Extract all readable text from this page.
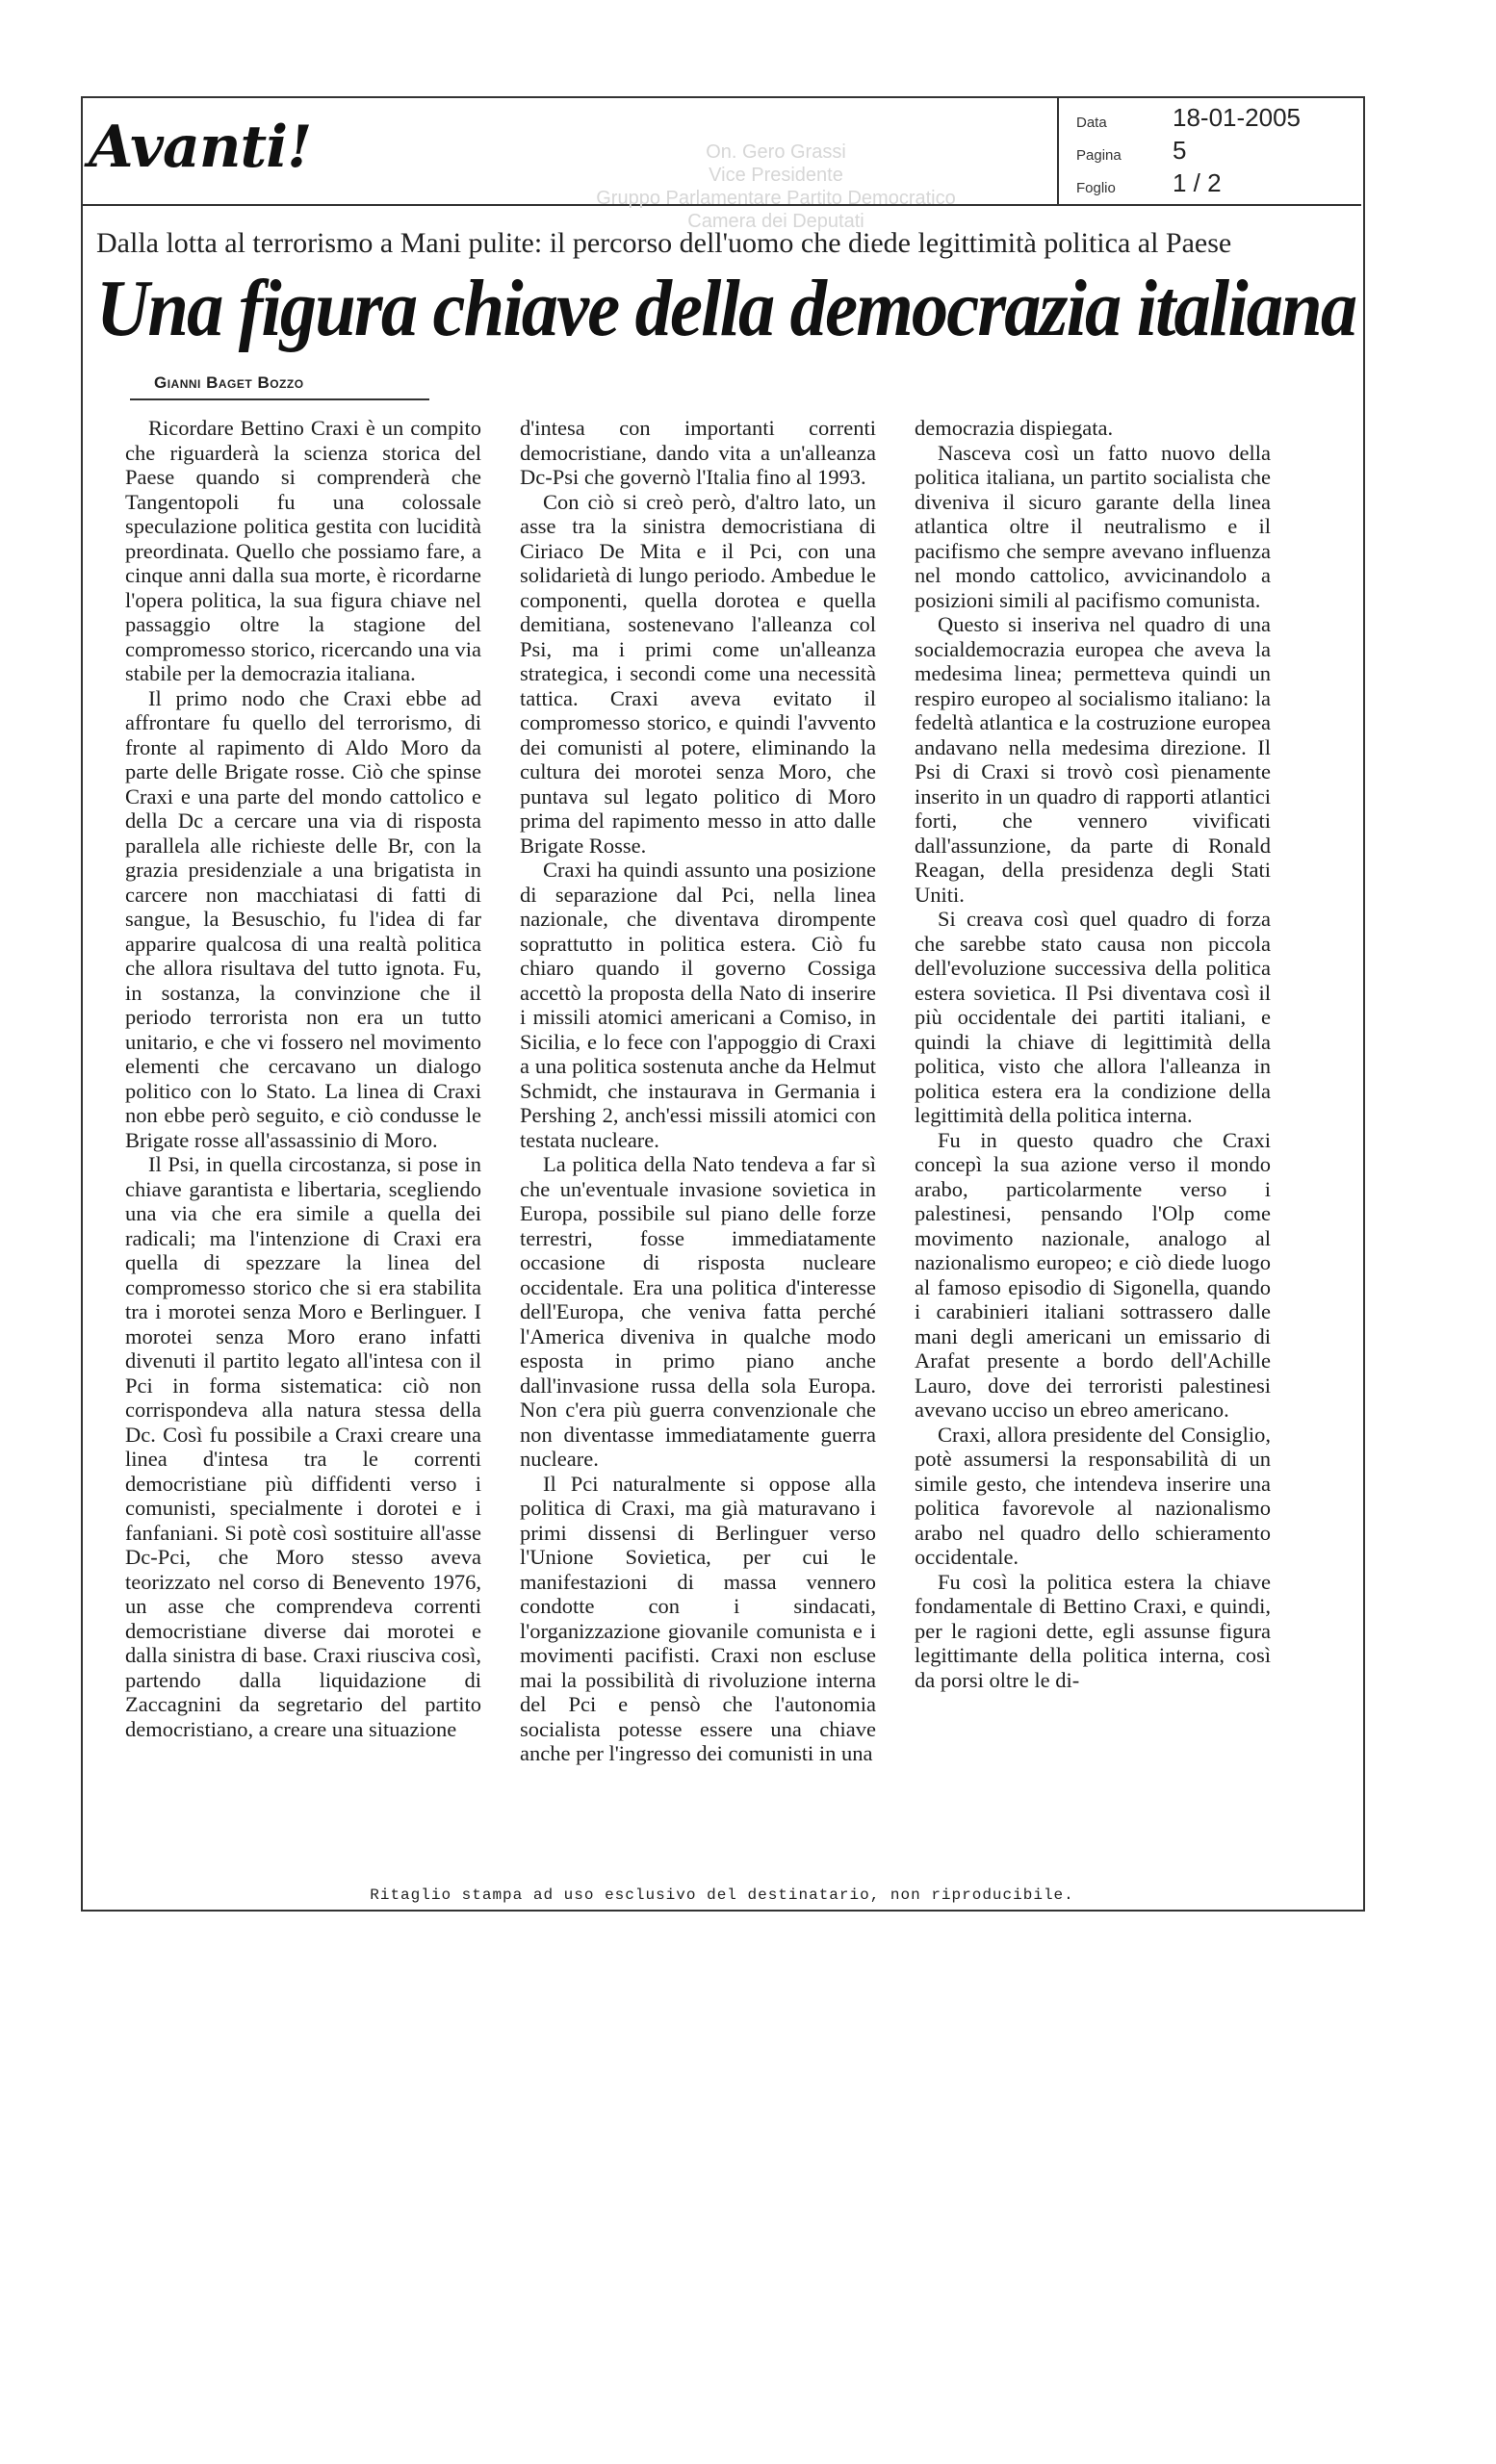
Avanti!	On. Gero Grassi
Vice Presidente
Gruppo Parlamentare Partito Democratico
Camera dei Deputati
Data	18-01-2005
Pagina 5
Foglio 1 / 2
Dalla lotta al terrorismo a Mani pulite: il percorso dell'uomo che diede legittimità politica al Paese
Una figura chiave della democrazia italiana
Gianni Baget Bozzo

Ricordare Bettino Craxi è un compito che riguarderà la scienza storica del Paese quando si comprenderà che Tangentopoli fu una colossale speculazione politica gestita con lucidità preordinata. Quello che possiamo fare, a cinque anni dalla sua morte, è ricordarne l'opera politica, la sua figura chiave nel passaggio oltre la stagione del compromesso storico, ricercando una via stabile per la democrazia italiana.

Il primo nodo che Craxi ebbe ad affrontare fu quello del terrorismo, di fronte al rapimento di Aldo Moro da parte delle Brigate rosse. Ciò che spinse Craxi e una parte del mondo cattolico e della Dc a cercare una via di risposta parallela alle richieste delle Br, con la grazia presidenziale a una brigatista in carcere non macchiatasi di fatti di sangue, la Besuschio, fu l'idea di far apparire qualcosa di una realtà politica che allora risultava del tutto ignota. Fu, in sostanza, la convinzione che il periodo terrorista non era un tutto unitario, e che vi fossero nel movimento elementi che cercavano un dialogo politico con lo Stato. La linea di Craxi non ebbe però seguito, e ciò condusse le Brigate rosse all'assassinio di Moro.

Il Psi, in quella circostanza, si pose in chiave garantista e libertaria, scegliendo una via che era simile a quella dei radicali; ma l'intenzione di Craxi era quella di spezzare la linea del compromesso storico che si era stabilita tra i morotei senza Moro e Berlinguer. I morotei senza Moro erano infatti divenuti il partito legato all'intesa con il Pci in forma sistematica: ciò non corrispondeva alla natura stessa della Dc. Così fu possibile a Craxi creare una linea d'intesa tra le correnti democristiane più diffidenti verso i comunisti, specialmente i dorotei e i fanfaniani. Si potè così sostituire all'asse Dc-Pci, che Moro stesso aveva teorizzato nel corso di Benevento 1976, un asse che comprendeva correnti democristiane diverse dai morotei e dalla sinistra di base. Craxi riusciva così, partendo dalla liquidazione di Zaccagnini da segretario del partito democristiano, a creare una situazione

d'intesa con importanti correnti democristiane, dando vita a un'alleanza Dc-Psi che governò l'Italia fino al 1993.

Con ciò si creò però, d'altro lato, un asse tra la sinistra democristiana di Ciriaco De Mita e il Pci, con una solidarietà di lungo periodo. Ambedue le componenti, quella dorotea e quella demitiana, sostenevano l'alleanza col Psi, ma i primi come un'alleanza strategica, i secondi come una necessità tattica. Craxi aveva evitato il compromesso storico, e quindi l'avvento dei comunisti al potere, eliminando la cultura dei morotei senza Moro, che puntava sul legato politico di Moro prima del rapimento messo in atto dalle Brigate Rosse.

Craxi ha quindi assunto una posizione di separazione dal Pci, nella linea nazionale, che diventava dirompente soprattutto in politica estera. Ciò fu chiaro quando il governo Cossiga accettò la proposta della Nato di inserire i missili atomici americani a Comiso, in Sicilia, e lo fece con l'appoggio di Craxi a una politica sostenuta anche da Helmut Schmidt, che instaurava in Germania i Pershing 2, anch'essi missili atomici con testata nucleare.

La politica della Nato tendeva a far sì che un'eventuale invasione sovietica in Europa, possibile sul piano delle forze terrestri, fosse immediatamente occasione di risposta nucleare occidentale. Era una politica d'interesse dell'Europa, che veniva fatta perché l'America diveniva in qualche modo esposta in primo piano anche dall'invasione russa della sola Europa. Non c'era più guerra convenzionale che non diventasse immediatamente guerra nucleare.

Il Pci naturalmente si oppose alla politica di Craxi, ma già maturavano i primi dissensi di Berlinguer verso l'Unione Sovietica, per cui le manifestazioni di massa vennero condotte con i sindacati, l'organizzazione giovanile comunista e i movimenti pacifisti. Craxi non escluse mai la possibilità di rivoluzione interna del Pci e pensò che l'autonomia socialista potesse essere una chiave anche per l'ingresso dei comunisti in una

democrazia dispiegata.

Nasceva così un fatto nuovo della politica italiana, un partito socialista che diveniva il sicuro garante della linea atlantica oltre il neutralismo e il pacifismo che sempre avevano influenza nel mondo cattolico, avvicinandolo a posizioni simili al pacifismo comunista.

Questo si inseriva nel quadro di una socialdemocrazia europea che aveva la medesima linea; permetteva quindi un respiro europeo al socialismo italiano: la fedeltà atlantica e la costruzione europea andavano nella medesima direzione. Il Psi di Craxi si trovò così pienamente inserito in un quadro di rapporti atlantici forti, che vennero vivificati dall'assunzione, da parte di Ronald Reagan, della presidenza degli Stati Uniti.

Si creava così quel quadro di forza che sarebbe stato causa non piccola dell'evoluzione successiva della politica estera sovietica. Il Psi diventava così il più occidentale dei partiti italiani, e quindi la chiave di legittimità della politica, visto che allora l'alleanza in politica estera era la condizione della legittimità della politica interna.

Fu in questo quadro che Craxi concepì la sua azione verso il mondo arabo, particolarmente verso i palestinesi, pensando l'Olp come movimento nazionale, analogo al nazionalismo europeo; e ciò diede luogo al famoso episodio di Sigonella, quando i carabinieri italiani sottrassero dalle mani degli americani un emissario di Arafat presente a bordo dell'Achille Lauro, dove dei terroristi palestinesi avevano ucciso un ebreo americano.

Craxi, allora presidente del Consiglio, potè assumersi la responsabilità di un simile gesto, che intendeva inserire una politica favorevole al nazionalismo arabo nel quadro dello schieramento occidentale.

Fu così la politica estera la chiave fondamentale di Bettino Craxi, e quindi, per le ragioni dette, egli assunse figura legittimante della politica interna, così da porsi oltre le di-

Ritaglio stampa ad uso esclusivo del destinatario, non riproducibile.
